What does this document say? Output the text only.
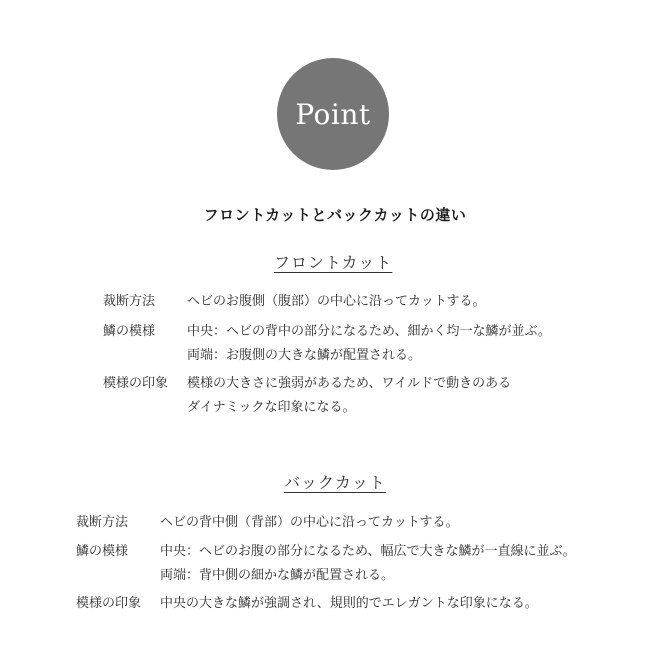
Point
フロントカットとバックカットの違い
フロントカット
裁断方法 ヘビのお腹側（腹部）の中心に沿ってカットする。
鱗の模様 中央：ヘビの背中の部分になるため、細かく均一な鱗が並ぶ。
両端：お腹側の大きな鱗が配置される。
模様の印象 模様の大きさに強弱があるため、ワイルドで動きのある
ダイナミックな印象になる。
バックカット
裁断方法 ヘビの背中側（背部）の中心に沿ってカットする。
鱗の模様 中央：ヘビのお腹の部分になるため、幅広で大きな鱗が一直線に並ぶ。
両端：背中側の細かな鱗が配置される。
模様の印象 中央の大きな鱗が強調され、規則的でエレガントな印象になる。
